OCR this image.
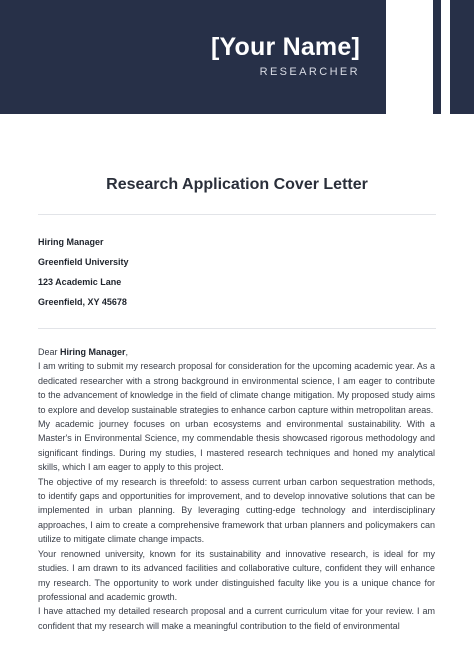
[Your Name]
RESEARCHER
Research Application Cover Letter
Hiring Manager
Greenfield University
123 Academic Lane
Greenfield, XY 45678

Dear Hiring Manager,

I am writing to submit my research proposal for consideration for the upcoming academic year. As a dedicated researcher with a strong background in environmental science, I am eager to contribute to the advancement of knowledge in the field of climate change mitigation. My proposed study aims to explore and develop sustainable strategies to enhance carbon capture within metropolitan areas.

My academic journey focuses on urban ecosystems and environmental sustainability. With a Master's in Environmental Science, my commendable thesis showcased rigorous methodology and significant findings. During my studies, I mastered research techniques and honed my analytical skills, which I am eager to apply to this project.

The objective of my research is threefold: to assess current urban carbon sequestration methods, to identify gaps and opportunities for improvement, and to develop innovative solutions that can be implemented in urban planning. By leveraging cutting-edge technology and interdisciplinary approaches, I aim to create a comprehensive framework that urban planners and policymakers can utilize to mitigate climate change impacts.

Your renowned university, known for its sustainability and innovative research, is ideal for my studies. I am drawn to its advanced facilities and collaborative culture, confident they will enhance my research. The opportunity to work under distinguished faculty like you is a unique chance for professional and academic growth.

I have attached my detailed research proposal and a current curriculum vitae for your review. I am confident that my research will make a meaningful contribution to the field of environmental
